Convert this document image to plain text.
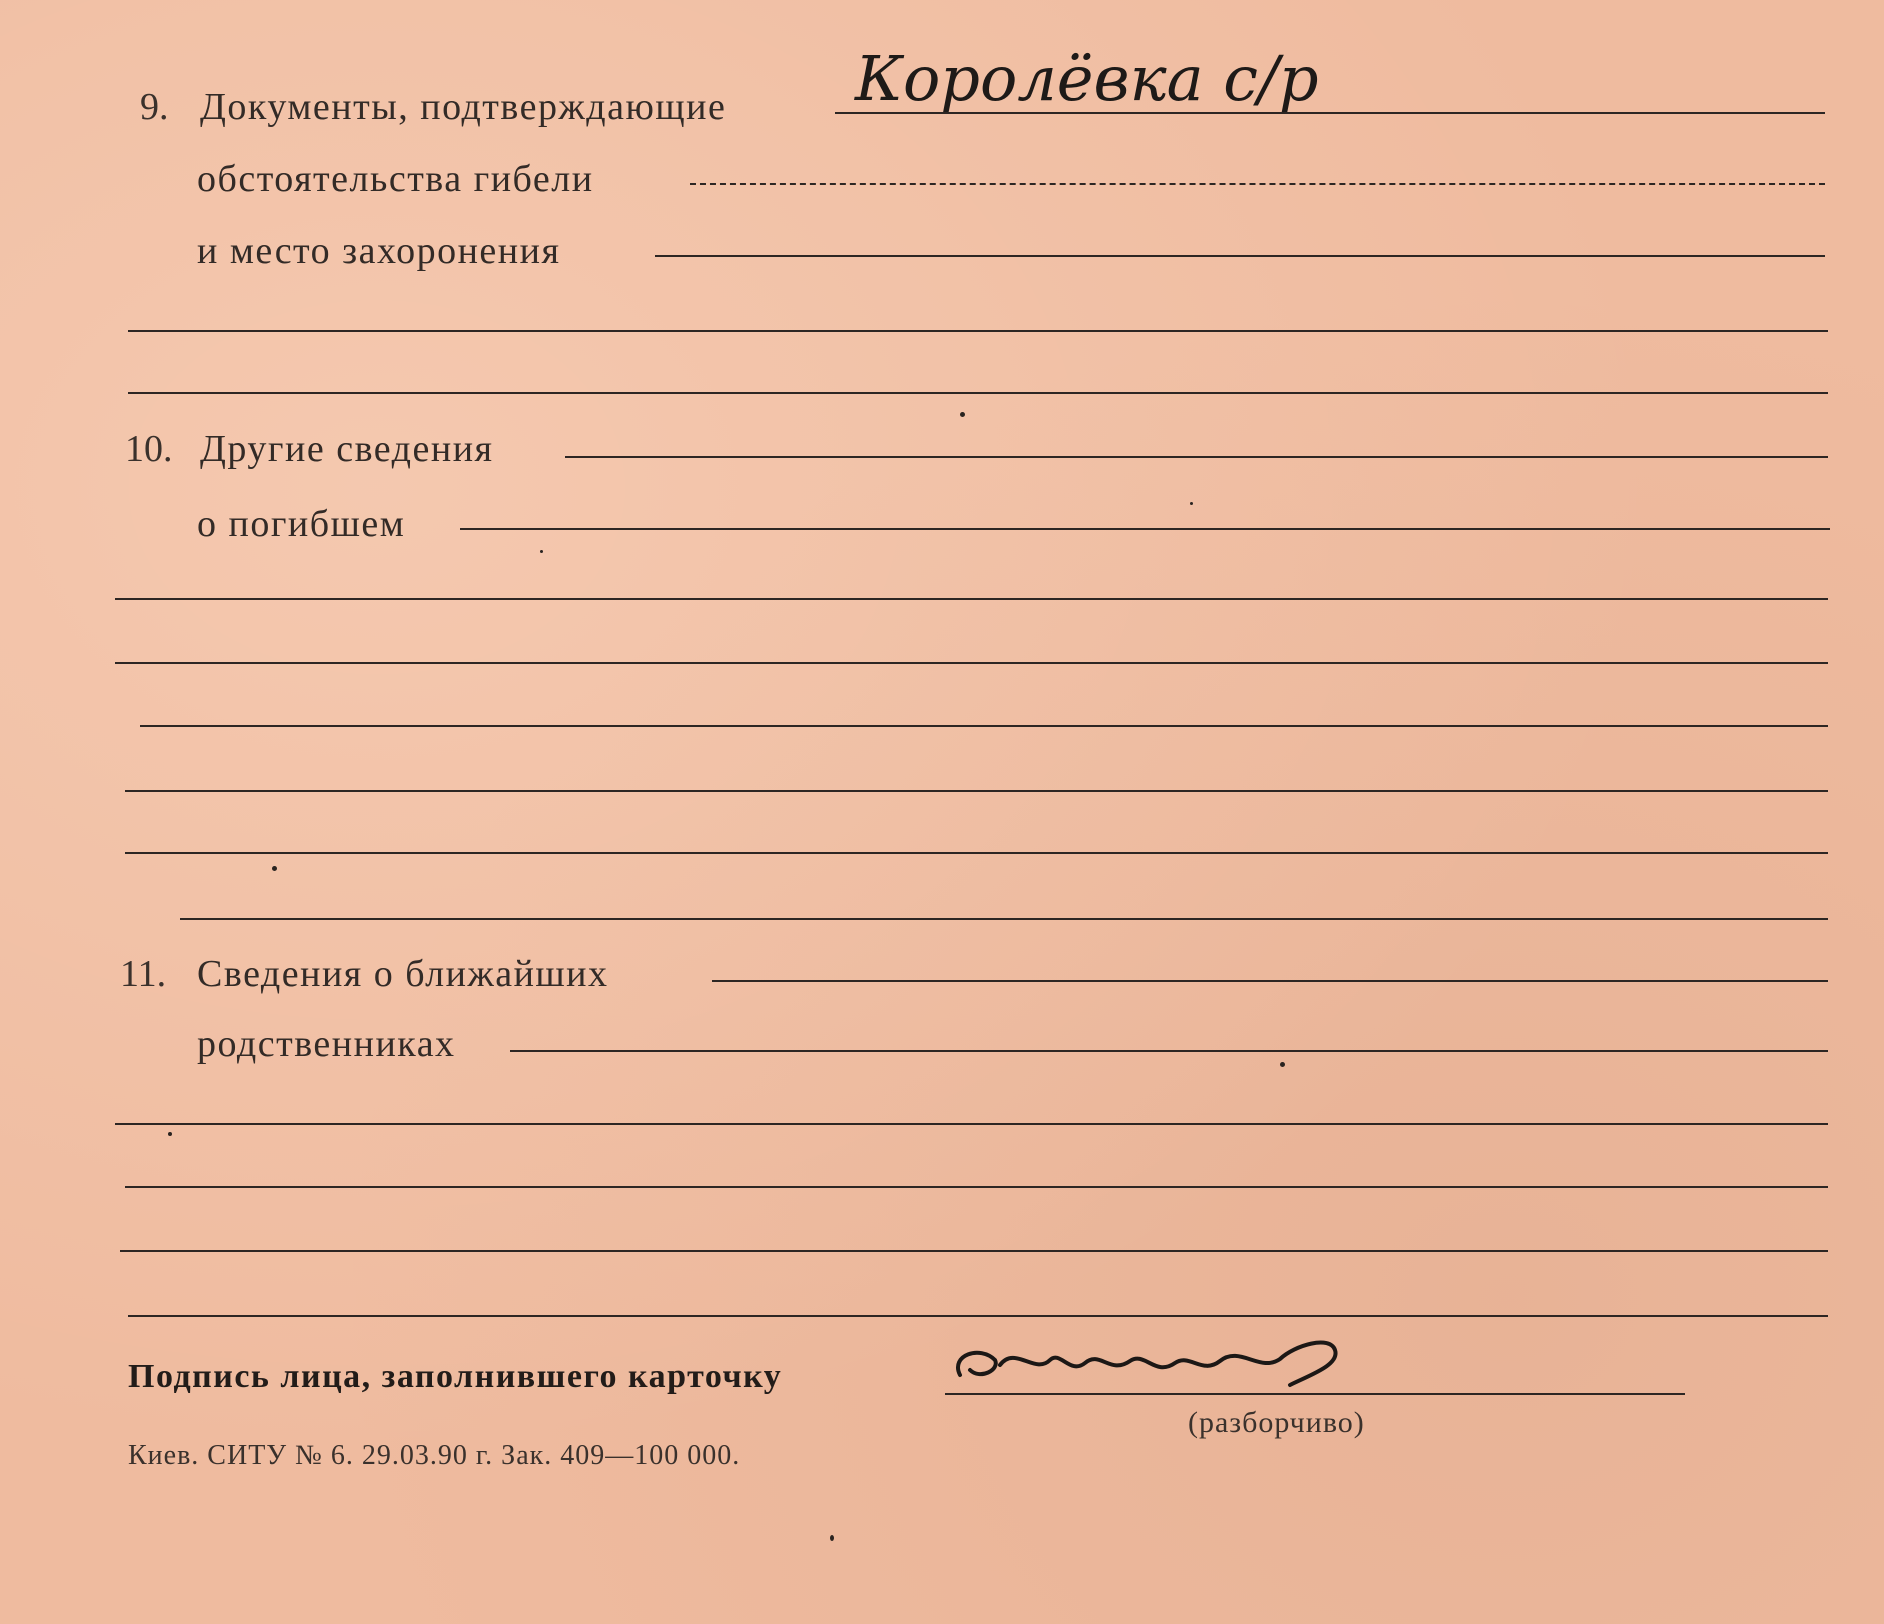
9. Документы, подтверждающие
обстоятельства гибели
и место захоронения
Королёвка с/р
10. Другие сведения
о погибшем
11. Сведения о ближайших
родственниках
Подпись лица, заполнившего карточку
(разборчиво)
Киев. СИТУ № 6. 29.03.90 г. Зак. 409—100 000.
